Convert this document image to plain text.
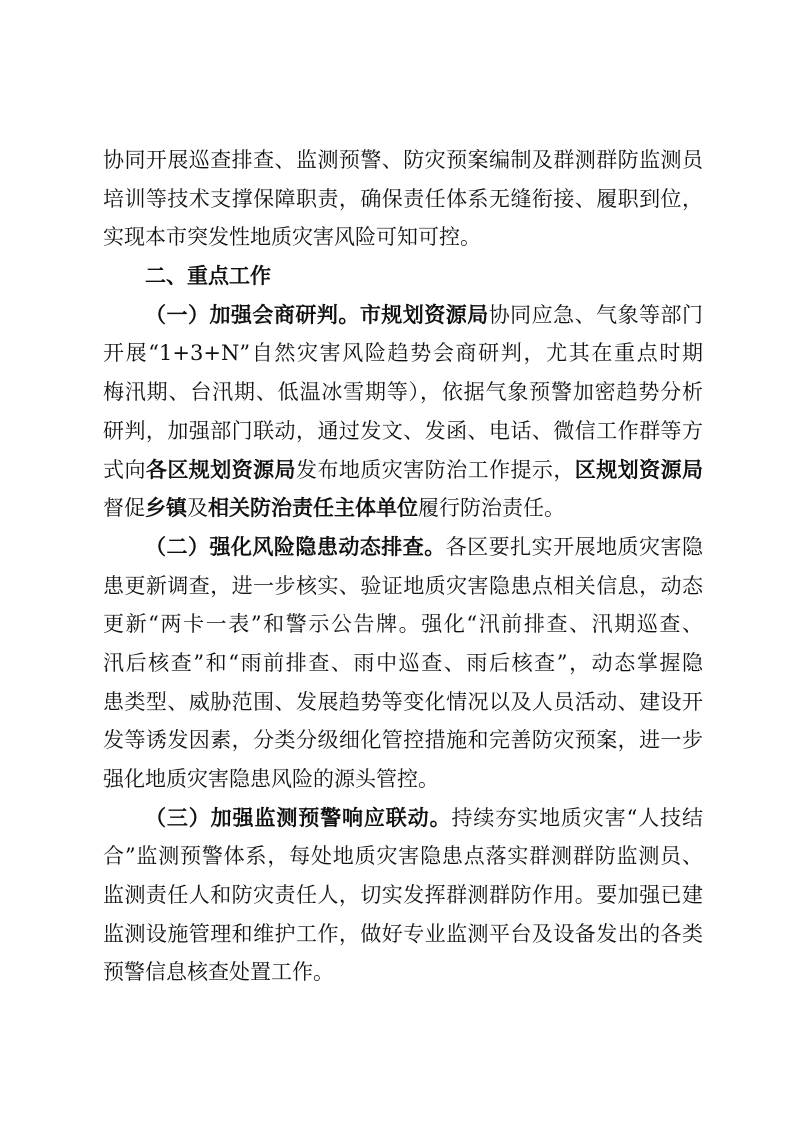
协同开展巡查排查、监测预警、防灾预案编制及群测群防监测员
培训等技术支撑保障职责，确保责任体系无缝衔接、履职到位，
实现本市突发性地质灾害风险可知可控。
二、重点工作
（一）加强会商研判。市规划资源局协同应急、气象等部门
开展“1+3+N”自然灾害风险趋势会商研判，尤其在重点时期
梅汛期、台汛期、低温冰雪期等），依据气象预警加密趋势分析
研判，加强部门联动，通过发文、发函、电话、微信工作群等方
式向各区规划资源局发布地质灾害防治工作提示，区规划资源局
督促乡镇及相关防治责任主体单位履行防治责任。
（二）强化风险隐患动态排查。各区要扎实开展地质灾害隐
患更新调查，进一步核实、验证地质灾害隐患点相关信息，动态
更新“两卡一表”和警示公告牌。强化“汛前排查、汛期巡查、
汛后核查”和“雨前排查、雨中巡查、雨后核查”，动态掌握隐
患类型、威胁范围、发展趋势等变化情况以及人员活动、建设开
发等诱发因素，分类分级细化管控措施和完善防灾预案，进一步
强化地质灾害隐患风险的源头管控。
（三）加强监测预警响应联动。持续夯实地质灾害“人技结
合”监测预警体系，每处地质灾害隐患点落实群测群防监测员、
监测责任人和防灾责任人，切实发挥群测群防作用。要加强已建
监测设施管理和维护工作，做好专业监测平台及设备发出的各类
预警信息核查处置工作。
